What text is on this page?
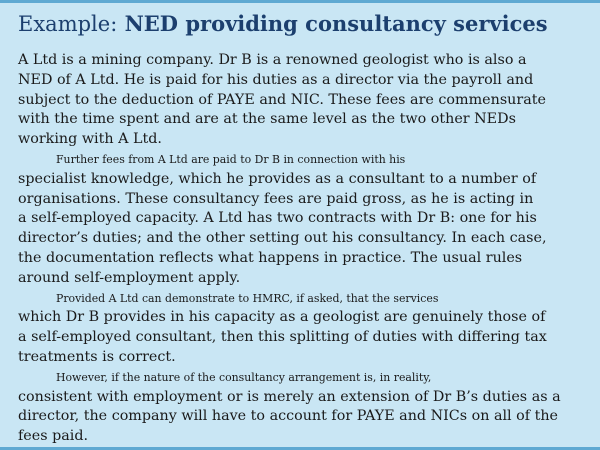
Example: NED providing consultancy services

A Ltd is a mining company. Dr B is a renowned geologist who is also a
NED of A Ltd. He is paid for his duties as a director via the payroll and
subject to the deduction of PAYE and NIC. These fees are commensurate
with the time spent and are at the same level as the two other NEDs
working with A Ltd.

Further fees from A Ltd are paid to Dr B in connection with his
specialist knowledge, which he provides as a consultant to a number of
organisations. These consultancy fees are paid gross, as he is acting in
a self-employed capacity. A Ltd has two contracts with Dr B: one for his
director’s duties; and the other setting out his consultancy. In each case,
the documentation reflects what happens in practice. The usual rules
around self-employment apply.

Provided A Ltd can demonstrate to HMRC, if asked, that the services
which Dr B provides in his capacity as a geologist are genuinely those of
a self-employed consultant, then this splitting of duties with differing tax
treatments is correct.

However, if the nature of the consultancy arrangement is, in reality,
consistent with employment or is merely an extension of Dr B’s duties as a
director, the company will have to account for PAYE and NICs on all of the
fees paid.
